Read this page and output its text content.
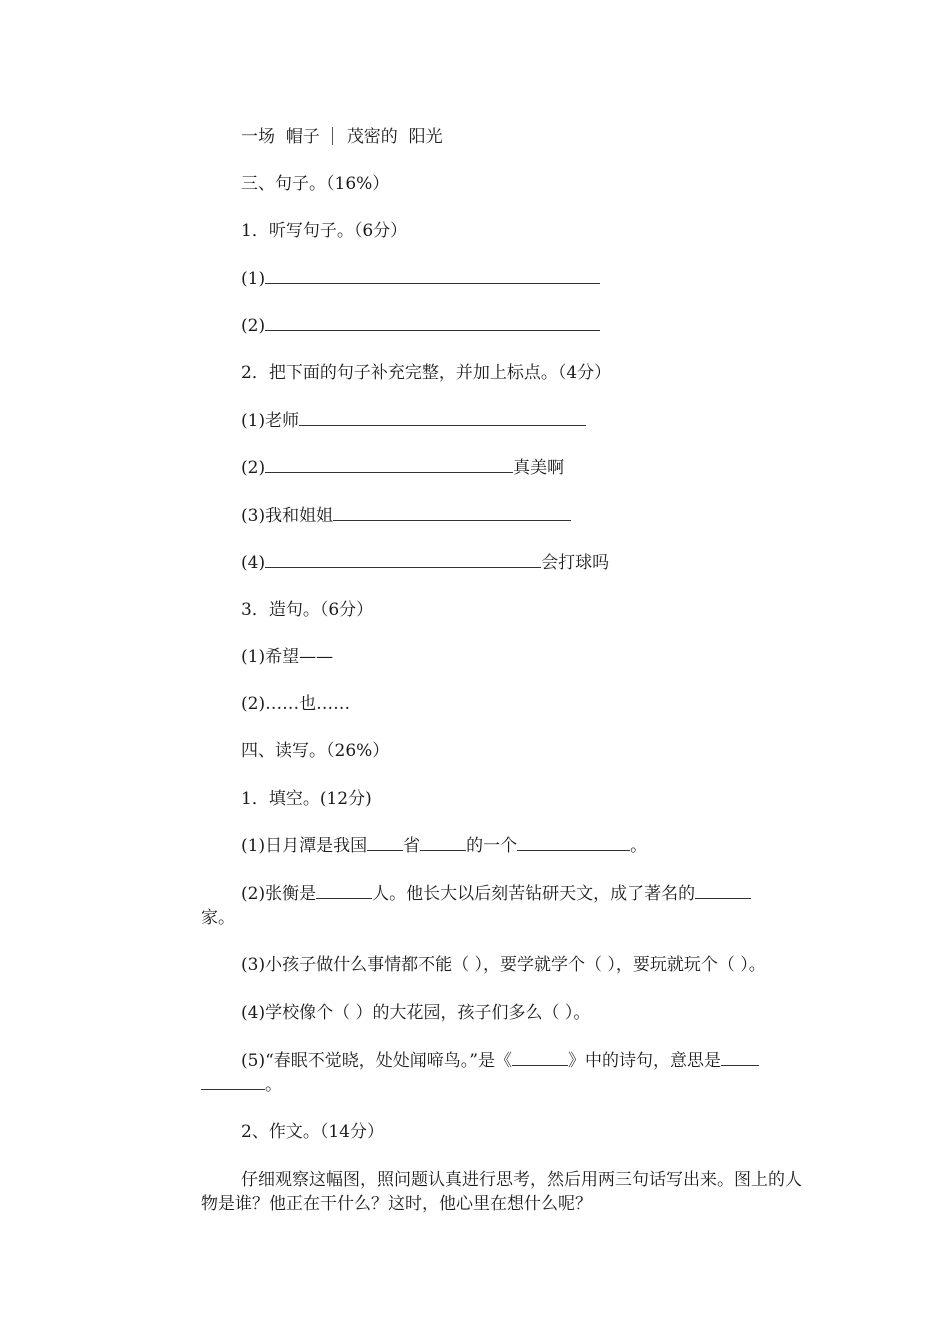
一场 帽子 茂密的 阳光
三、句子。（16%）
1．听写句子。（6分）
(1)
(2)
2．把下面的句子补充完整，并加上标点。（4分）
(1)老师
(2)	真美啊
(3)我和姐姐
(4)	会打球吗
3．造句。（6分）
(1)希望——
(2)……也……
四、读写。（26%）
1．填空。(12分)
(1)日月潭是我国 省	的一个	。
(2)张衡是	人。他长大以后刻苦钻研天文，成了著名的
家。
(3)小孩子做什么事情都不能（ ），要学就学个（ ），要玩就玩个（ ）。
(4)学校像个（ ）的大花园，孩子们多么（ ）。
(5)“春眠不觉晓，处处闻啼鸟。”是《	》中的诗句，意思是
。
2、作文。（14分）
仔细观察这幅图，照问题认真进行思考，然后用两三句话写出来。图上的人物是谁？他正在干什么？这时，他心里在想什么呢？
